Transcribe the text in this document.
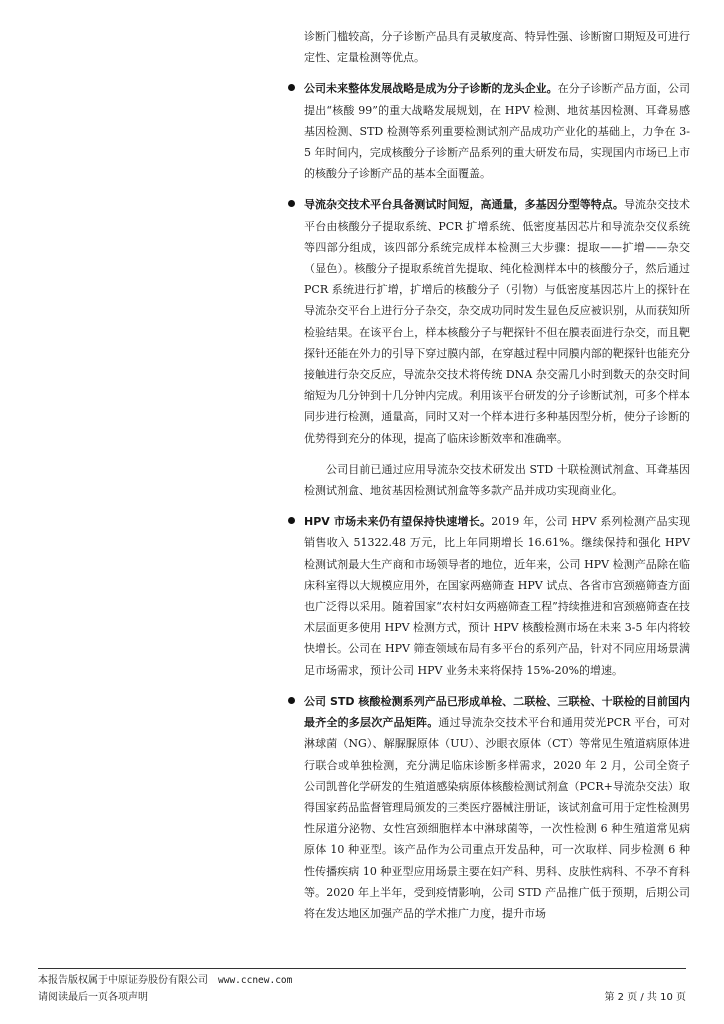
诊断门槛较高，分子诊断产品具有灵敏度高、特异性强、诊断窗口期短及可进行定性、定量检测等优点。

公司未来整体发展战略是成为分子诊断的龙头企业。在分子诊断产品方面，公司提出“核酸 99”的重大战略发展规划，在 HPV 检测、地贫基因检测、耳聋易感基因检测、STD 检测等系列重要检测试剂产品成功产业化的基础上，力争在 3-5 年时间内，完成核酸分子诊断产品系列的重大研发布局，实现国内市场已上市的核酸分子诊断产品的基本全面覆盖。

导流杂交技术平台具备测试时间短，高通量，多基因分型等特点。导流杂交技术平台由核酸分子提取系统、PCR 扩增系统、低密度基因芯片和导流杂交仪系统等四部分组成，该四部分系统完成样本检测三大步骤：提取——扩增——杂交（显色）。核酸分子提取系统首先提取、纯化检测样本中的核酸分子，然后通过 PCR 系统进行扩增，扩增后的核酸分子（引物）与低密度基因芯片上的探针在导流杂交平台上进行分子杂交，杂交成功同时发生显色反应被识别，从而获知所检验结果。在该平台上，样本核酸分子与靶探针不但在膜表面进行杂交，而且靶探针还能在外力的引导下穿过膜内部，在穿越过程中同膜内部的靶探针也能充分接触进行杂交反应，导流杂交技术将传统 DNA 杂交需几小时到数天的杂交时间缩短为几分钟到十几分钟内完成。利用该平台研发的分子诊断试剂，可多个样本同步进行检测，通量高，同时又对一个样本进行多种基因型分析，使分子诊断的优势得到充分的体现，提高了临床诊断效率和准确率。

公司目前已通过应用导流杂交技术研发出 STD 十联检测试剂盒、耳聋基因检测试剂盒、地贫基因检测试剂盒等多款产品并成功实现商业化。

HPV 市场未来仍有望保持快速增长。2019 年，公司 HPV 系列检测产品实现销售收入 51322.48 万元，比上年同期增长 16.61%。继续保持和强化 HPV 检测试剂最大生产商和市场领导者的地位，近年来，公司 HPV 检测产品除在临床科室得以大规模应用外，在国家两癌筛查 HPV 试点、各省市宫颈癌筛查方面也广泛得以采用。随着国家“农村妇女两癌筛查工程”持续推进和宫颈癌筛查在技术层面更多使用 HPV 检测方式，预计 HPV 核酸检测市场在未来 3-5 年内将较快增长。公司在 HPV 筛查领域布局有多平台的系列产品，针对不同应用场景满足市场需求，预计公司 HPV 业务未来将保持 15%-20%的增速。

公司 STD 核酸检测系列产品已形成单检、二联检、三联检、十联检的目前国内最齐全的多层次产品矩阵。通过导流杂交技术平台和通用荧光PCR 平台，可对淋球菌（NG）、解脲脲原体（UU）、沙眼衣原体（CT）等常见生殖道病原体进行联合或单独检测，充分满足临床诊断多样需求，2020 年 2 月，公司全资子公司凯普化学研发的生殖道感染病原体核酸检测试剂盒（PCR+导流杂交法）取得国家药品监督管理局颁发的三类医疗器械注册证，该试剂盒可用于定性检测男性尿道分泌物、女性宫颈细胞样本中淋球菌等，一次性检测 6 种生殖道常见病原体 10 种亚型。该产品作为公司重点开发品种，可一次取样、同步检测 6 种性传播疾病 10 种亚型应用场景主要在妇产科、男科、皮肤性病科、不孕不育科等。2020 年上半年，受到疫情影响，公司 STD 产品推广低于预期，后期公司将在发达地区加强产品的学术推广力度，提升市场

本报告版权属于中原证券股份有限公司 www.ccnew.com
请阅读最后一页各项声明	第 2 页 / 共 10 页
